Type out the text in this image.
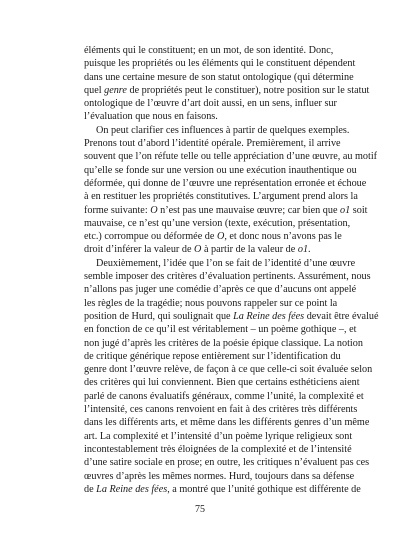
éléments qui le constituent; en un mot, de son identité. Donc,
puisque les propriétés ou les éléments qui le constituent dépendent
dans une certaine mesure de son statut ontologique (qui détermine
quel genre de propriétés peut le constituer), notre position sur le statut
ontologique de l’œuvre d’art doit aussi, en un sens, influer sur
l’évaluation que nous en faisons.
On peut clarifier ces influences à partir de quelques exemples.
Prenons tout d’abord l’identité opérale. Premièrement, il arrive
souvent que l’on réfute telle ou telle appréciation d’une œuvre, au motif
qu’elle se fonde sur une version ou une exécution inauthentique ou
déformée, qui donne de l’œuvre une représentation erronée et échoue
à en restituer les propriétés constitutives. L’argument prend alors la
forme suivante: O n’est pas une mauvaise œuvre; car bien que o1 soit
mauvaise, ce n’est qu’une version (texte, exécution, présentation,
etc.) corrompue ou déformée de O, et donc nous n’avons pas le
droit d’inférer la valeur de O à partir de la valeur de o1.
Deuxièmement, l’idée que l’on se fait de l’identité d’une œuvre
semble imposer des critères d’évaluation pertinents. Assurément, nous
n’allons pas juger une comédie d’après ce que d’aucuns ont appelé
les règles de la tragédie; nous pouvons rappeler sur ce point la
position de Hurd, qui soulignait que La Reine des fées devait être évalué
en fonction de ce qu’il est véritablement – un poème gothique –, et
non jugé d’après les critères de la poésie épique classique. La notion
de critique générique repose entièrement sur l’identification du
genre dont l’œuvre relève, de façon à ce que celle-ci soit évaluée selon
des critères qui lui conviennent. Bien que certains esthéticiens aient
parlé de canons évaluatifs généraux, comme l’unité, la complexité et
l’intensité, ces canons renvoient en fait à des critères très différents
dans les différents arts, et même dans les différents genres d’un même
art. La complexité et l’intensité d’un poème lyrique religieux sont
incontestablement très éloignées de la complexité et de l’intensité
d’une satire sociale en prose; en outre, les critiques n’évaluent pas ces
œuvres d’après les mêmes normes. Hurd, toujours dans sa défense
de La Reine des fées, a montré que l’unité gothique est différente de
75
